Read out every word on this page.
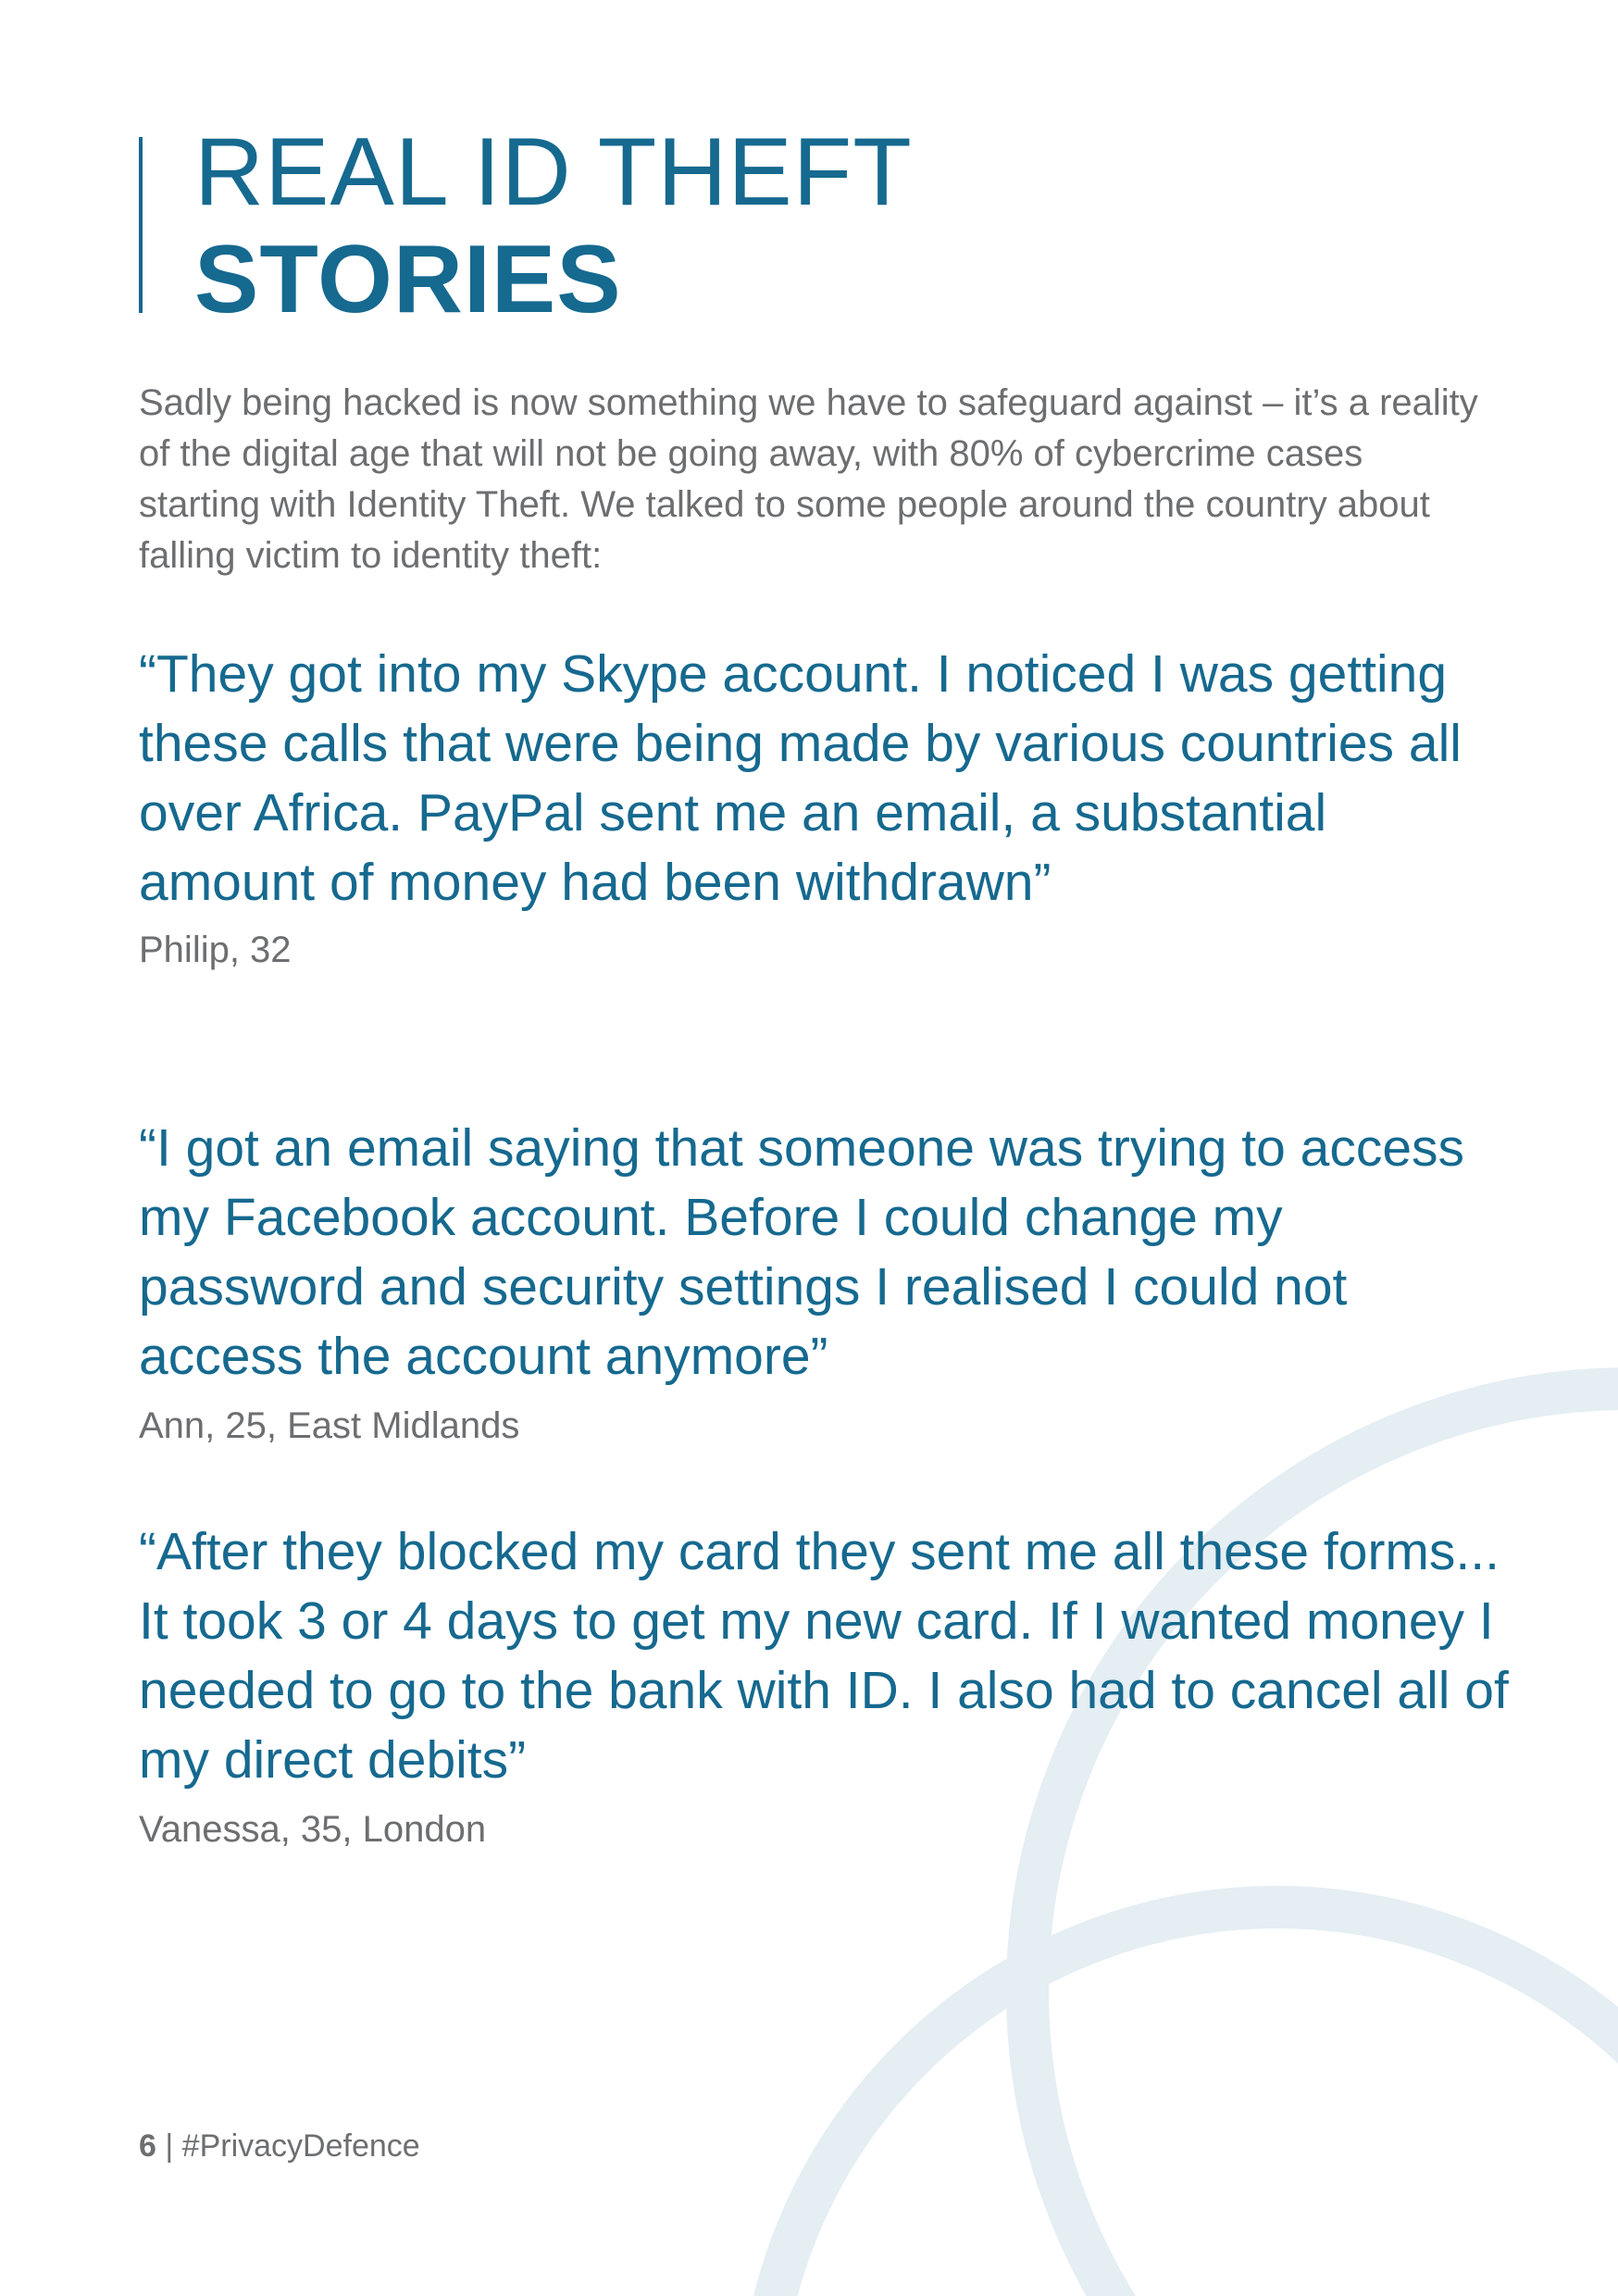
REAL ID THEFT
STORIES

Sadly being hacked is now something we have to safeguard against – it’s a reality of the digital age that will not be going away, with 80% of cybercrime cases starting with Identity Theft. We talked to some people around the country about falling victim to identity theft:

“They got into my Skype account. I noticed I was getting these calls that were being made by various countries all over Africa. PayPal sent me an email, a substantial amount of money had been withdrawn”

Philip, 32

“I got an email saying that someone was trying to access my Facebook account. Before I could change my password and security settings I realised I could not access the account anymore”

Ann, 25, East Midlands

“After they blocked my card they sent me all these forms... It took 3 or 4 days to get my new card. If I wanted money I needed to go to the bank with ID. I also had to cancel all of my direct debits”

Vanessa, 35, London

6 | #PrivacyDefence
